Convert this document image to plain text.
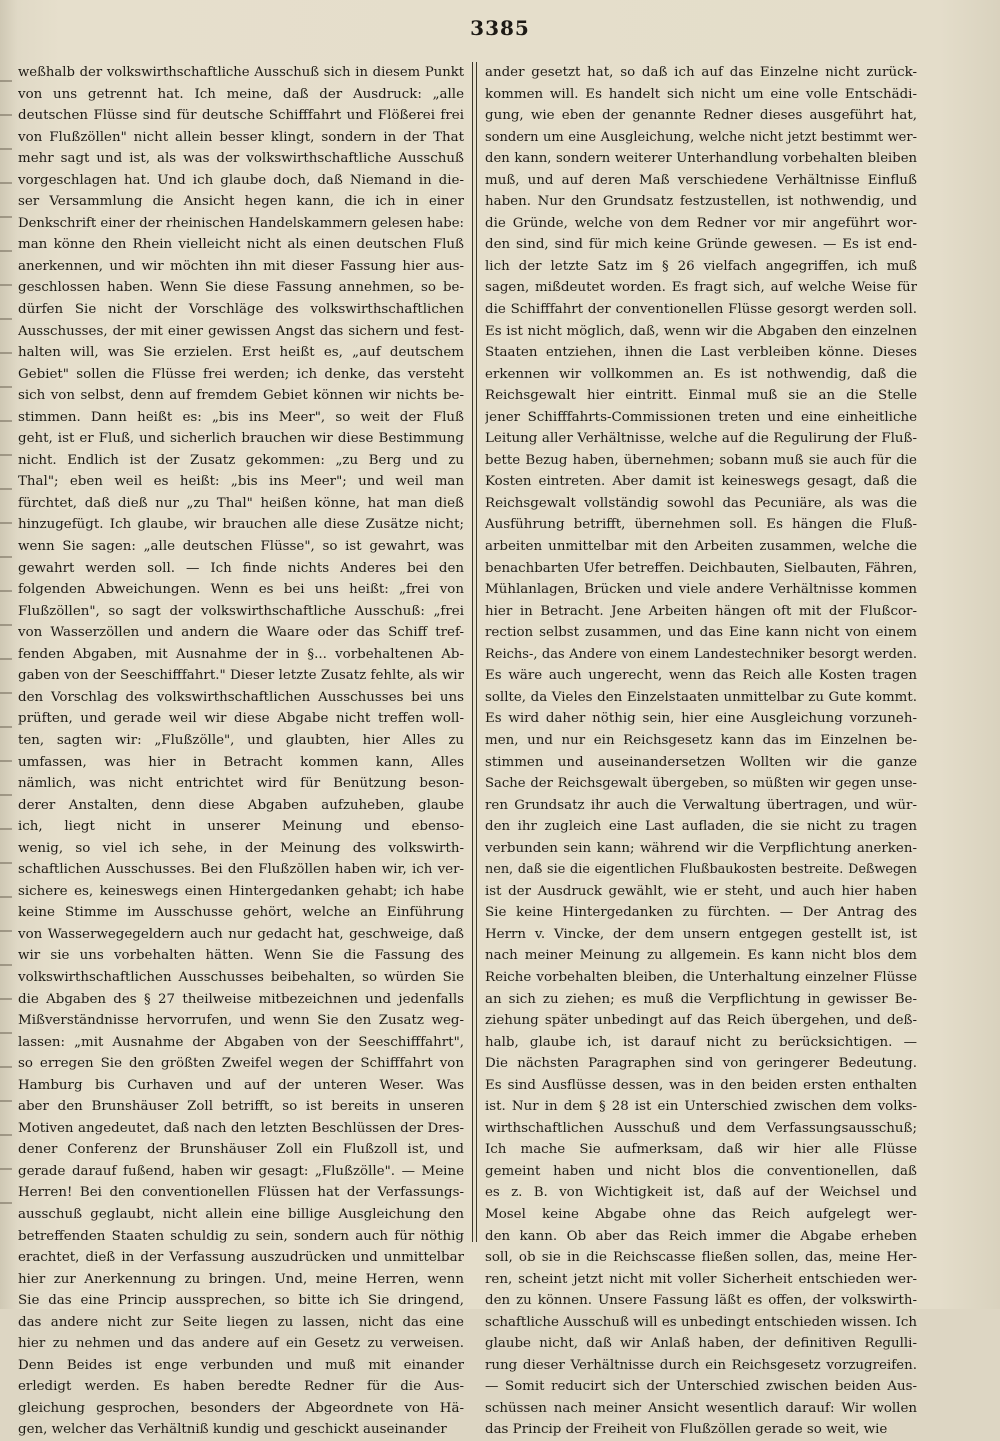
3385

weßhalb der volkswirthschaftliche Ausschuß sich in diesem Punkt

von uns getrennt hat. Ich meine, daß der Ausdruck: „alle

deutschen Flüsse sind für deutsche Schifffahrt und Flößerei frei

von Flußzöllen" nicht allein besser klingt, sondern in der That

mehr sagt und ist, als was der volkswirthschaftliche Ausschuß

vorgeschlagen hat. Und ich glaube doch, daß Niemand in die-

ser Versammlung die Ansicht hegen kann, die ich in einer

Denkschrift einer der rheinischen Handelskammern gelesen habe:

man könne den Rhein vielleicht nicht als einen deutschen Fluß

anerkennen, und wir möchten ihn mit dieser Fassung hier aus-

geschlossen haben. Wenn Sie diese Fassung annehmen, so be-

dürfen Sie nicht der Vorschläge des volkswirthschaftlichen

Ausschusses, der mit einer gewissen Angst das sichern und fest-

halten will, was Sie erzielen. Erst heißt es, „auf deutschem

Gebiet" sollen die Flüsse frei werden; ich denke, das versteht

sich von selbst, denn auf fremdem Gebiet können wir nichts be-

stimmen. Dann heißt es: „bis ins Meer", so weit der Fluß

geht, ist er Fluß, und sicherlich brauchen wir diese Bestimmung

nicht. Endlich ist der Zusatz gekommen: „zu Berg und zu

Thal"; eben weil es heißt: „bis ins Meer"; und weil man

fürchtet, daß dieß nur „zu Thal" heißen könne, hat man dieß

hinzugefügt. Ich glaube, wir brauchen alle diese Zusätze nicht;

wenn Sie sagen: „alle deutschen Flüsse", so ist gewahrt, was

gewahrt werden soll. — Ich finde nichts Anderes bei den

folgenden Abweichungen. Wenn es bei uns heißt: „frei von

Flußzöllen", so sagt der volkswirthschaftliche Ausschuß: „frei

von Wasserzöllen und andern die Waare oder das Schiff tref-

fenden Abgaben, mit Ausnahme der in §... vorbehaltenen Ab-

gaben von der Seeschifffahrt." Dieser letzte Zusatz fehlte, als wir

den Vorschlag des volkswirthschaftlichen Ausschusses bei uns

prüften, und gerade weil wir diese Abgabe nicht treffen woll-

ten, sagten wir: „Flußzölle", und glaubten, hier Alles zu

umfassen, was hier in Betracht kommen kann, Alles

nämlich, was nicht entrichtet wird für Benützung beson-

derer Anstalten, denn diese Abgaben aufzuheben, glaube

ich, liegt nicht in unserer Meinung und ebenso-

wenig, so viel ich sehe, in der Meinung des volkswirth-

schaftlichen Ausschusses. Bei den Flußzöllen haben wir, ich ver-

sichere es, keineswegs einen Hintergedanken gehabt; ich habe

keine Stimme im Ausschusse gehört, welche an Einführung

von Wasserwegegeldern auch nur gedacht hat, geschweige, daß

wir sie uns vorbehalten hätten. Wenn Sie die Fassung des

volkswirthschaftlichen Ausschusses beibehalten, so würden Sie

die Abgaben des § 27 theilweise mitbezeichnen und jedenfalls

Mißverständnisse hervorrufen, und wenn Sie den Zusatz weg-

lassen: „mit Ausnahme der Abgaben von der Seeschifffahrt",

so erregen Sie den größten Zweifel wegen der Schifffahrt von

Hamburg bis Curhaven und auf der unteren Weser. Was

aber den Brunshäuser Zoll betrifft, so ist bereits in unseren

Motiven angedeutet, daß nach den letzten Beschlüssen der Dres-

dener Conferenz der Brunshäuser Zoll ein Flußzoll ist, und

gerade darauf fußend, haben wir gesagt: „Flußzölle". — Meine

Herren! Bei den conventionellen Flüssen hat der Verfassungs-

ausschuß geglaubt, nicht allein eine billige Ausgleichung den

betreffenden Staaten schuldig zu sein, sondern auch für nöthig

erachtet, dieß in der Verfassung auszudrücken und unmittelbar

hier zur Anerkennung zu bringen. Und, meine Herren, wenn

Sie das eine Princip aussprechen, so bitte ich Sie dringend,

das andere nicht zur Seite liegen zu lassen, nicht das eine

hier zu nehmen und das andere auf ein Gesetz zu verweisen.

Denn Beides ist enge verbunden und muß mit einander

erledigt werden. Es haben beredte Redner für die Aus-

gleichung gesprochen, besonders der Abgeordnete von Hä-

gen, welcher das Verhältniß kundig und geschickt auseinander

ander gesetzt hat, so daß ich auf das Einzelne nicht zurück-

kommen will. Es handelt sich nicht um eine volle Entschädi-

gung, wie eben der genannte Redner dieses ausgeführt hat,

sondern um eine Ausgleichung, welche nicht jetzt bestimmt wer-

den kann, sondern weiterer Unterhandlung vorbehalten bleiben

muß, und auf deren Maß verschiedene Verhältnisse Einfluß

haben. Nur den Grundsatz festzustellen, ist nothwendig, und

die Gründe, welche von dem Redner vor mir angeführt wor-

den sind, sind für mich keine Gründe gewesen. — Es ist end-

lich der letzte Satz im § 26 vielfach angegriffen, ich muß

sagen, mißdeutet worden. Es fragt sich, auf welche Weise für

die Schifffahrt der conventionellen Flüsse gesorgt werden soll.

Es ist nicht möglich, daß, wenn wir die Abgaben den einzelnen

Staaten entziehen, ihnen die Last verbleiben könne. Dieses

erkennen wir vollkommen an. Es ist nothwendig, daß die

Reichsgewalt hier eintritt. Einmal muß sie an die Stelle

jener Schifffahrts-Commissionen treten und eine einheitliche

Leitung aller Verhältnisse, welche auf die Regulirung der Fluß-

bette Bezug haben, übernehmen; sobann muß sie auch für die

Kosten eintreten. Aber damit ist keineswegs gesagt, daß die

Reichsgewalt vollständig sowohl das Pecuniäre, als was die

Ausführung betrifft, übernehmen soll. Es hängen die Fluß-

arbeiten unmittelbar mit den Arbeiten zusammen, welche die

benachbarten Ufer betreffen. Deichbauten, Sielbauten, Fähren,

Mühlanlagen, Brücken und viele andere Verhältnisse kommen

hier in Betracht. Jene Arbeiten hängen oft mit der Flußcor-

rection selbst zusammen, und das Eine kann nicht von einem

Reichs-, das Andere von einem Landestechniker besorgt werden.

Es wäre auch ungerecht, wenn das Reich alle Kosten tragen

sollte, da Vieles den Einzelstaaten unmittelbar zu Gute kommt.

Es wird daher nöthig sein, hier eine Ausgleichung vorzuneh-

men, und nur ein Reichsgesetz kann das im Einzelnen be-

stimmen und auseinandersetzen Wollten wir die ganze

Sache der Reichsgewalt übergeben, so müßten wir gegen unse-

ren Grundsatz ihr auch die Verwaltung übertragen, und wür-

den ihr zugleich eine Last aufladen, die sie nicht zu tragen

verbunden sein kann; während wir die Verpflichtung anerken-

nen, daß sie die eigentlichen Flußbaukosten bestreite. Deßwegen

ist der Ausdruck gewählt, wie er steht, und auch hier haben

Sie keine Hintergedanken zu fürchten. — Der Antrag des

Herrn v. Vincke, der dem unsern entgegen gestellt ist, ist

nach meiner Meinung zu allgemein. Es kann nicht blos dem

Reiche vorbehalten bleiben, die Unterhaltung einzelner Flüsse

an sich zu ziehen; es muß die Verpflichtung in gewisser Be-

ziehung später unbedingt auf das Reich übergehen, und deß-

halb, glaube ich, ist darauf nicht zu berücksichtigen. —

Die nächsten Paragraphen sind von geringerer Bedeutung.

Es sind Ausflüsse dessen, was in den beiden ersten enthalten

ist. Nur in dem § 28 ist ein Unterschied zwischen dem volks-

wirthschaftlichen Ausschuß und dem Verfassungsausschuß;

Ich mache Sie aufmerksam, daß wir hier alle Flüsse

gemeint haben und nicht blos die conventionellen, daß

es z. B. von Wichtigkeit ist, daß auf der Weichsel und

Mosel keine Abgabe ohne das Reich aufgelegt wer-

den kann. Ob aber das Reich immer die Abgabe erheben

soll, ob sie in die Reichscasse fließen sollen, das, meine Her-

ren, scheint jetzt nicht mit voller Sicherheit entschieden wer-

den zu können. Unsere Fassung läßt es offen, der volkswirth-

schaftliche Ausschuß will es unbedingt entschieden wissen. Ich

glaube nicht, daß wir Anlaß haben, der definitiven Regulli-

rung dieser Verhältnisse durch ein Reichsgesetz vorzugreifen.

— Somit reducirt sich der Unterschied zwischen beiden Aus-

schüssen nach meiner Ansicht wesentlich darauf: Wir wollen

das Princip der Freiheit von Flußzöllen gerade so weit, wie
